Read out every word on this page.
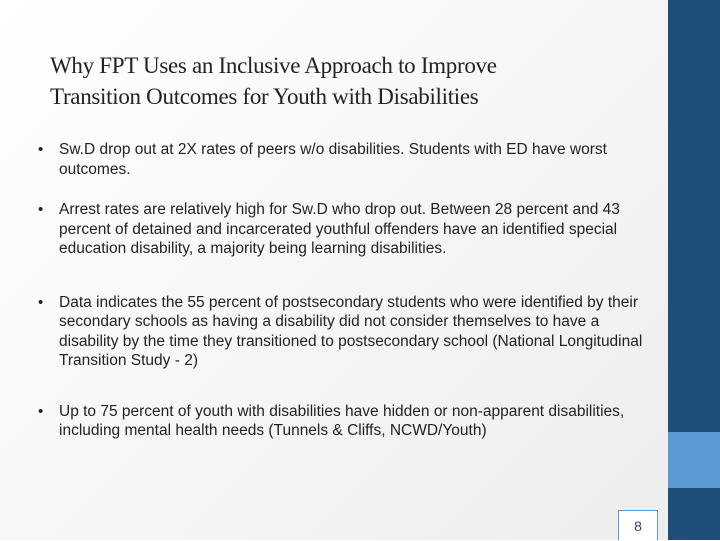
Why FPT Uses an Inclusive Approach to Improve
Transition Outcomes for Youth with Disabilities
• Sw.D drop out at 2X rates of peers w/o disabilities. Students with ED have worst outcomes.
• Arrest rates are relatively high for Sw.D who drop out. Between 28 percent and 43 percent of detained and incarcerated youthful offenders have an identified special education disability, a majority being learning disabilities.
• Data indicates the 55 percent of postsecondary students who were identified by their secondary schools as having a disability did not consider themselves to have a disability by the time they transitioned to postsecondary school (National Longitudinal Transition Study - 2)
• Up to 75 percent of youth with disabilities have hidden or non-apparent disabilities, including mental health needs (Tunnels & Cliffs, NCWD/Youth)
8
